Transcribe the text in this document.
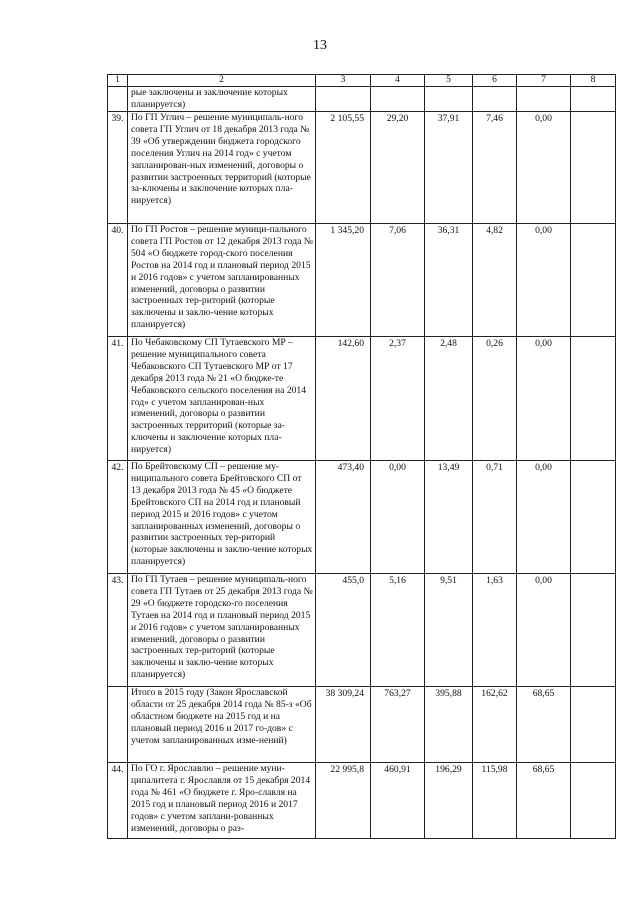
13
1	2	3	4	5	6	7	8
	рые заключены и заключение которых планируется)						
39.	По ГП Углич – решение муниципаль-ного совета ГП Углич от 18 декабря 2013 года № 39 «Об утверждении бюджета городского поселения Углич на 2014 год» с учетом запланирован-ных изменений, договоры о развитии застроенных территорий (которые за-ключены и заключение которых пла-нируется)	2 105,55	29,20	37,91	7,46	0,00	
40.	По ГП Ростов – решение муници-пального совета ГП Ростов от 12 декабря 2013 года № 504 «О бюджете город-ского поселения Ростов на 2014 год и плановый период 2015 и 2016 годов» с учетом запланированных изменений, договоры о развитии застроенных тер-риторий (которые заключены и заклю-чение которых планируется)	1 345,20	7,06	36,31	4,82	0,00	
41.	По Чебаковскому СП Тутаевского МР – решение муниципального совета Чебаковского СП Тутаевского МР от 17 декабря 2013 года № 21 «О бюдже-те Чебаковского сельского поселения на 2014 год» с учетом запланирован-ных изменений, договоры о развитии застроенных территорий (которые за-ключены и заключение которых пла-нируется)	142,60	2,37	2,48	0,26	0,00	
42.	По Брейтовскому СП – решение му-ниципального совета Брейтовского СП от 13 декабря 2013 года № 45 «О бюджете Брейтовского СП на 2014 год и плановый период 2015 и 2016 годов» с учетом запланированных изменений, договоры о развитии застроенных тер-риторий (которые заключены и заклю-чение которых планируется)	473,40	0,00	13,49	0,71	0,00	
43.	По ГП Тутаев – решение муниципаль-ного совета ГП Тутаев от 25 декабря 2013 года № 29 «О бюджете городско-го поселения Тутаев на 2014 год и плановый период 2015 и 2016 годов» с учетом запланированных изменений, договоры о развитии застроенных тер-риторий (которые заключены и заклю-чение которых планируется)	455,0	5,16	9,51	1,63	0,00	
	Итого в 2015 году (Закон Ярославской области от 25 декабря 2014 года № 85-з «Об областном бюджете на 2015 год и на плановый период 2016 и 2017 го-дов» с учетом запланированных изме-нений)	38 309,24	763,27	395,88	162,62	68,65	
44.	По ГО г. Ярославлю – решение муни-ципалитета г. Ярославля от 15 декабря 2014 года № 461 «О бюджете г. Яро-славля на 2015 год и плановый период 2016 и 2017 годов» с учетом заплани-рованных изменений, договоры о раз-	22 995,8	460,91	196,29	115,98	68,65	
